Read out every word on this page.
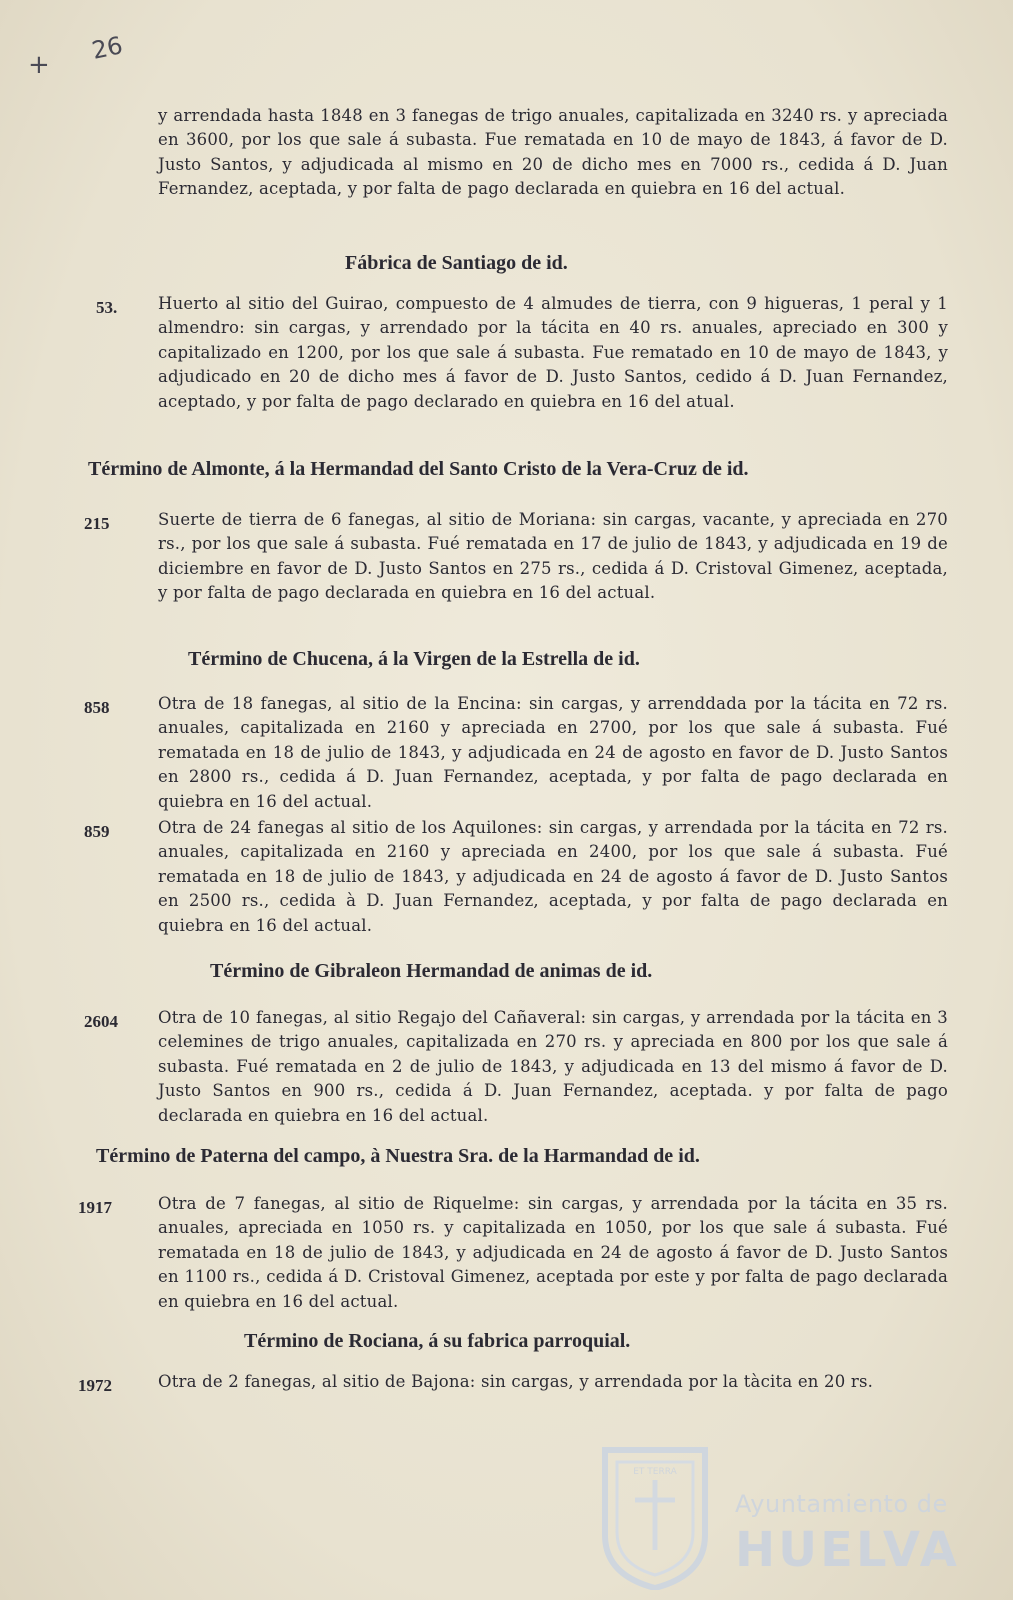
+
26

y arrendada hasta 1848 en 3 fanegas de trigo anuales, capitalizada en 3240 rs. y apreciada en 3600, por los que sale á subasta. Fue rematada en 10 de mayo de 1843, á favor de D. Justo Santos, y adjudicada al mismo en 20 de dicho mes en 7000 rs., cedida á D. Juan Fernandez, aceptada, y por falta de pago declarada en quiebra en 16 del actual.

Fábrica de Santiago de id.
53. Huerto al sitio del Guirao, compuesto de 4 almudes de tierra, con 9 higueras, 1 peral y 1 almendro: sin cargas, y arrendado por la tácita en 40 rs. anuales, apreciado en 300 y capitalizado en 1200, por los que sale á subasta. Fue rematado en 10 de mayo de 1843, y adjudicado en 20 de dicho mes á favor de D. Justo Santos, cedido á D. Juan Fernandez, aceptado, y por falta de pago declarado en quiebra en 16 del atual.

Término de Almonte, á la Hermandad del Santo Cristo de la Vera-Cruz de id.
215	Suerte de tierra de 6 fanegas, al sitio de Moriana: sin cargas, vacante, y apreciada en 270 rs., por los que sale á subasta. Fué rematada en 17 de julio de 1843, y adjudicada en 19 de diciembre en favor de D. Justo Santos en 275 rs., cedida á D. Cristoval Gimenez, aceptada, y por falta de pago declarada en quiebra en 16 del actual.

Término de Chucena, á la Virgen de la Estrella de id.
858	Otra de 18 fanegas, al sitio de la Encina: sin cargas, y arrenddada por la tácita en 72 rs. anuales, capitalizada en 2160 y apreciada en 2700, por los que sale á subasta. Fué rematada en 18 de julio de 1843, y adjudicada en 24 de agosto en favor de D. Justo Santos en 2800 rs., cedida á D. Juan Fernandez, aceptada, y por falta de pago declarada en quiebra en 16 del actual.

859	Otra de 24 fanegas al sitio de los Aquilones: sin cargas, y arrendada por la tácita en 72 rs. anuales, capitalizada en 2160 y apreciada en 2400, por los que sale á subasta. Fué rematada en 18 de julio de 1843, y adjudicada en 24 de agosto á favor de D. Justo Santos en 2500 rs., cedida à D. Juan Fernandez, aceptada, y por falta de pago declarada en quiebra en 16 del actual.

Término de Gibraleon Hermandad de animas de id.
2604 Otra de 10 fanegas, al sitio Regajo del Cañaveral: sin cargas, y arrendada por la tácita en 3 celemines de trigo anuales, capitalizada en 270 rs. y apreciada en 800 por los que sale á subasta. Fué rematada en 2 de julio de 1843, y adjudicada en 13 del mismo á favor de D. Justo Santos en 900 rs., cedida á D. Juan Fernandez, aceptada. y por falta de pago declarada en quiebra en 16 del actual.

Término de Paterna del campo, à Nuestra Sra. de la Harmandad de id.
1917	Otra de 7 fanegas, al sitio de Riquelme: sin cargas, y arrendada por la tácita en 35 rs. anuales, apreciada en 1050 rs. y capitalizada en 1050, por los que sale á subasta. Fué rematada en 18 de julio de 1843, y adjudicada en 24 de agosto á favor de D. Justo Santos en 1100 rs., cedida á D. Cristoval Gimenez, aceptada por este y por falta de pago declarada en quiebra en 16 del actual.

Término de Rociana, á su fabrica parroquial.
1972	Otra de 2 fanegas, al sitio de Bajona: sin cargas, y arrendada por la tàcita en 20 rs.

ET TERRA
Ayuntamiento de
HUELVA
